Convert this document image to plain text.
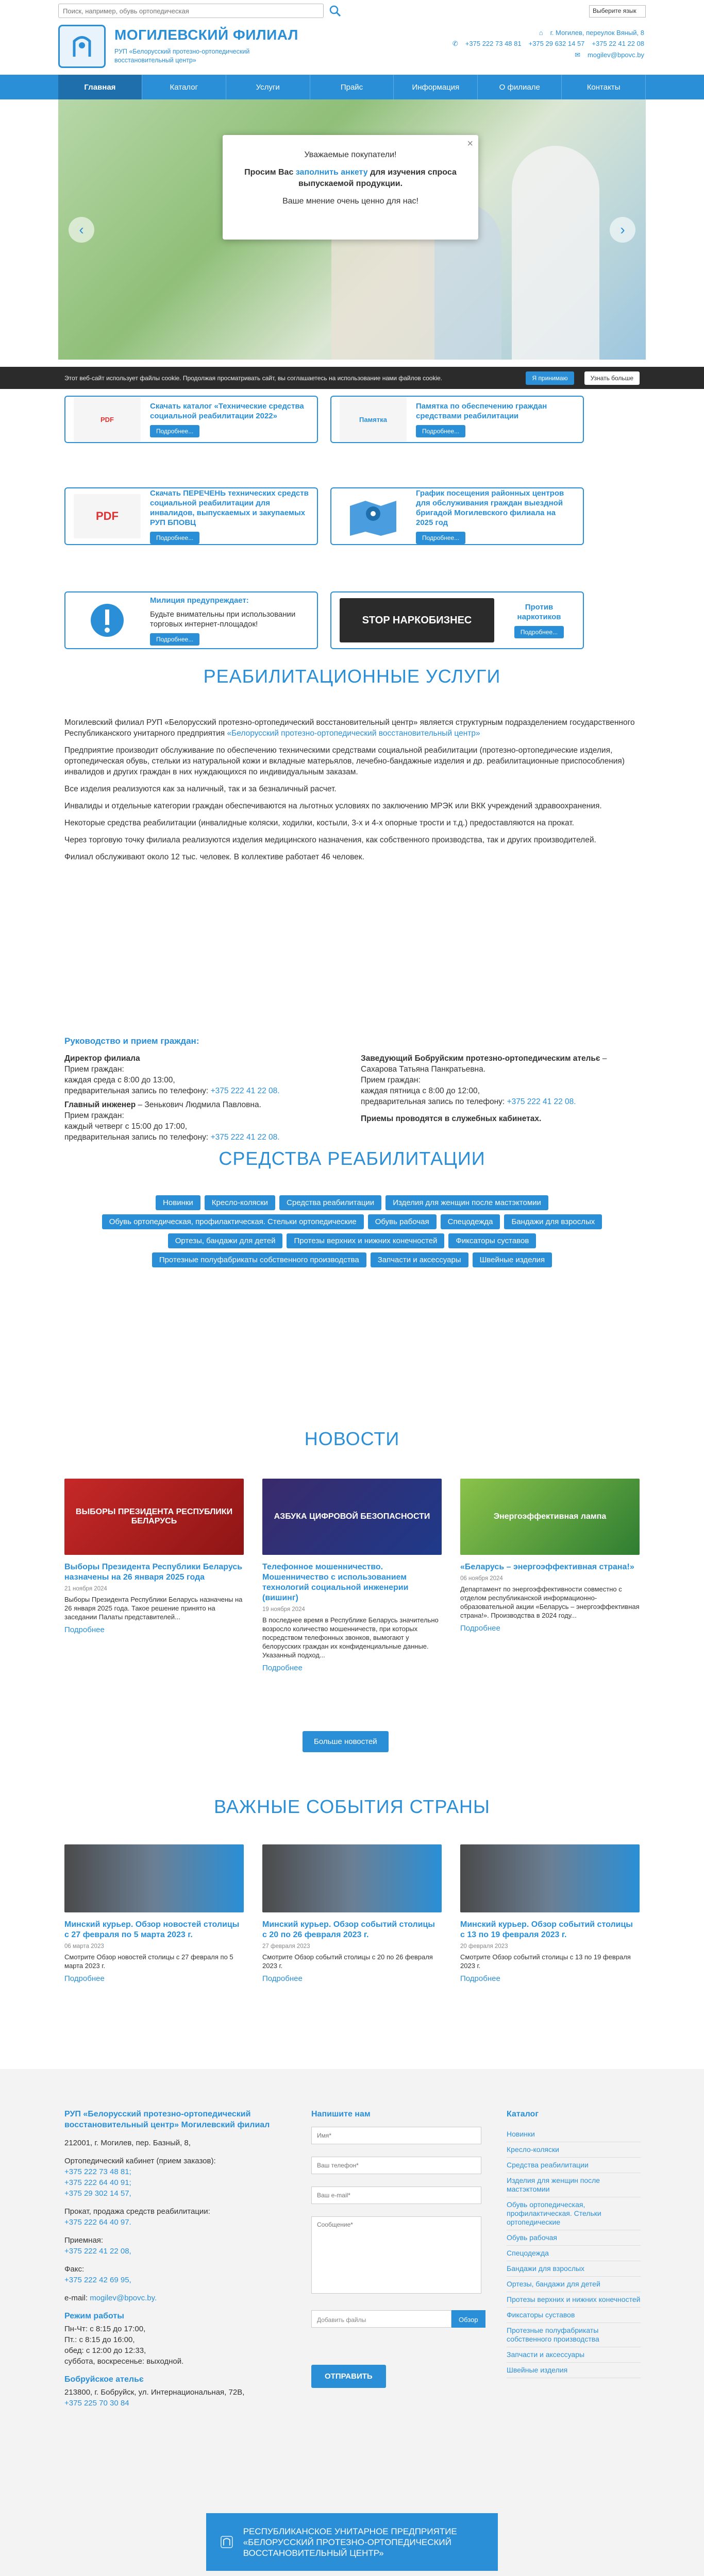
Поиск, например, обувь ортопедическая
Выберите язык
МОГИЛЕВСКИЙ ФИЛИАЛ
РУП «Белорусский протезно-ортопедический восстановительный центр»
⌂ г. Могилев, переулок Вяный, 8
✆ +375 222 73 48 81 +375 29 632 14 57 +375 22 41 22 08
✉ mogilev@bpovc.by
Главная	Каталог	Услуги	Прайс	Информация	О филиале	Контакты
‹	›
×
Уважаемые покупатели!
Просим Вас заполнить анкету для изучения спроса выпускаемой продукции.
Ваше мнение очень ценно для нас!
Этот веб-сайт использует файлы cookie. Продолжая просматривать сайт, вы соглашаетесь на использование нами файлов cookie.	Я принимаю	Узнать больше
PDF
Скачать каталог «Технические средства социальной реабилитации 2022»
Подробнее...
Памятка
Памятка по обеспечению граждан средствами реабилитации
Подробнее...
PDF
Скачать ПЕРЕЧЕНЬ технических средств социальной реабилитации для инвалидов, выпускаемых и закупаемых РУП БПОВЦ
Подробнее...
График посещения районных центров для обслуживания граждан выездной бригадой Могилевского филиала на 2025 год
Подробнее...
Милиция предупреждает:
Будьте внимательны при использовании торговых интернет-площадок!
Подробнее...
STOP НАРКОБИЗНЕС
Против наркотиков
Подробнее...
РЕАБИЛИТАЦИОННЫЕ УСЛУГИ

Могилевский филиал РУП «Белорусский протезно-ортопедический восстановительный центр» является структурным подразделением государственного Республиканского унитарного предприятия «Белорусский протезно-ортопедический восстановительный центр»

Предприятие производит обслуживание по обеспечению техническими средствами социальной реабилитации (протезно-ортопедические изделия, ортопедическая обувь, стельки из натуральной кожи и вкладные матерьялов, лечебно-бандажные изделия и др. реабилитационные приспособления) инвалидов и других граждан в них нуждающихся по индивидуальным заказам.

Все изделия реализуются как за наличный, так и за безналичный расчет.

Инвалиды и отдельные категории граждан обеспечиваются на льготных условиях по заключению МРЭК или ВКК учреждений здравоохранения.

Некоторые средства реабилитации (инвалидные коляски, ходилки, костыли, 3-х и 4-х опорные трости и т.д.) предоставляются на прокат.

Через торговую точку филиала реализуются изделия медицинского назначения, как собственного производства, так и других производителей.

Филиал обслуживают около 12 тыс. человек. В коллективе работает 46 человек.

Руководство и прием граждан:
Директор филиала
Прием граждан:
каждая среда с 8:00 до 13:00,
предварительная запись по телефону: +375 222 41 22 08.
Главный инженер – Зенькович Людмила Павловна.
Прием граждан:
каждый четверг с 15:00 до 17:00,
предварительная запись по телефону: +375 222 41 22 08.
Заведующий Бобруйским протезно-ортопедическим ательє – Сахарова Татьяна Панкратьевна.
Прием граждан:
каждая пятница с 8:00 до 12:00,
предварительная запись по телефону: +375 222 41 22 08.
Приемы проводятся в служебных кабинетах.
СРЕДСТВА РЕАБИЛИТАЦИИ
Новинки	Кресло-коляски	Средства реабилитации	Изделия для женщин после мастэктомии
Обувь ортопедическая, профилактическая. Стельки ортопедические	Обувь рабочая	Спецодежда	Бандажи для взрослых
Ортезы, бандажи для детей	Протезы верхних и нижних конечностей	Фиксаторы суставов
Протезные полуфабрикаты собственного производства	Запчасти и аксессуары	Швейные изделия
НОВОСТИ
ВЫБОРЫ ПРЕЗИДЕНТА РЕСПУБЛИКИ БЕЛАРУСЬ
Выборы Президента Республики Беларусь назначены на 26 января 2025 года
21 ноября 2024
Выборы Президента Республики Беларусь назначены на 26 января 2025 года. Такое решение принято на заседании Палаты представителей...
Подробнее
АЗБУКА ЦИФРОВОЙ БЕЗОПАСНОСТИ
Телефонное мошенничество. Мошенничество с использованием технологий социальной инженерии (вишинг)
19 ноября 2024
В последнее время в Республике Беларусь значительно возросло количество мошенничеств, при которых посредством телефонных звонков, вымогают у белорусских граждан их конфиденциальные данные. Указанный подход...
Подробнее
Энергоэффективная лампа
«Беларусь – энергоэффективная страна!»
06 ноября 2024
Департамент по энергоэффективности совместно с отделом республиканской информационно-образовательной акции «Беларусь – энергоэффективная страна!». Производства в 2024 году...
Подробнее
Больше новостей
ВАЖНЫЕ СОБЫТИЯ СТРАНЫ
Минский курьер. Обзор новостей столицы с 27 февраля по 5 марта 2023 г.
06 марта 2023
Смотрите Обзор новостей столицы с 27 февраля по 5 марта 2023 г.
Подробнее
Минский курьер. Обзор событий столицы с 20 по 26 февраля 2023 г.
27 февраля 2023
Смотрите Обзор событий столицы с 20 по 26 февраля 2023 г.
Подробнее
Минский курьер. Обзор событий столицы с 13 по 19 февраля 2023 г.
20 февраля 2023
Смотрите Обзор событий столицы с 13 по 19 февраля 2023 г.
Подробнее
РУП «Белорусский протезно-ортопедический восстановительный центр» Могилевский филиал
212001, г. Могилев, пер. Базный, 8,
Ортопедический кабинет (прием заказов):
+375 222 73 48 81;
+375 222 64 40 91;
+375 29 302 14 57,
Прокат, продажа средств реабилитации:
+375 222 64 40 97.
Приемная:
+375 222 41 22 08,
Факс:
+375 222 42 69 95,
e-mail: mogilev@bpovc.by.
Режим работы
Пн-Чт: с 8:15 до 17:00,
Пт.: с 8:15 до 16:00,
обед: с 12:00 до 12:33,
суббота, воскресенье: выходной.
Бобруйское ательє
213800, г. Бобруйск, ул. Интернациональная, 72В,
+375 225 70 30 84
Напишите нам
Имя* Ваш телефон* Ваш e-mail* Сообщение*
Добавить файлы	Обзор
ОТПРАВИТЬ
Каталог
Новинки
Кресло-коляски
Средства реабилитации
Изделия для женщин после мастэктомии
Обувь ортопедическая, профилактическая. Стельки ортопедические
Обувь рабочая
Спецодежда
Бандажи для взрослых
Ортезы, бандажи для детей
Протезы верхних и нижних конечностей
Фиксаторы суставов
Протезные полуфабрикаты собственного производства
Запчасти и аксессуары
Швейные изделия
РЕСПУБЛИКАНСКОЕ УНИТАРНОЕ ПРЕДПРИЯТИЕ «БЕЛОРУССКИЙ ПРОТЕЗНО-ОРТОПЕДИЧЕСКИЙ ВОССТАНОВИТЕЛЬНЫЙ ЦЕНТР»
